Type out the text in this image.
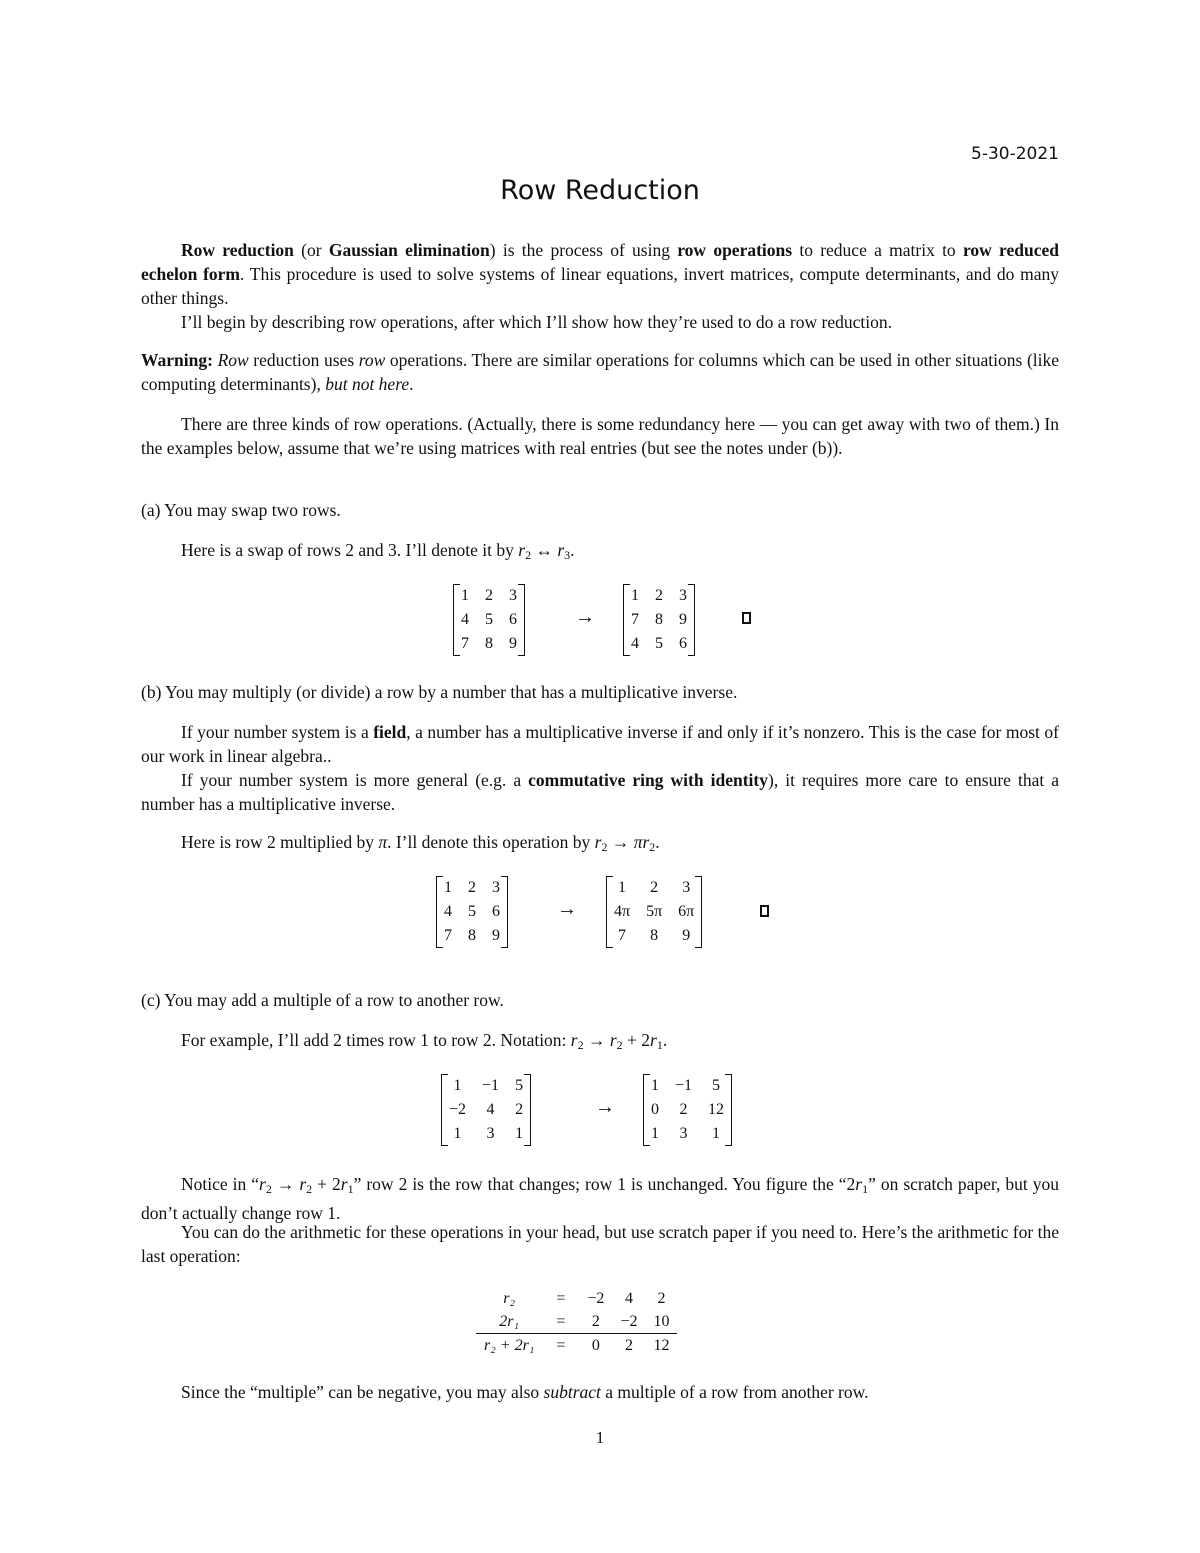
5-30-2021
Row Reduction
Row reduction (or Gaussian elimination) is the process of using row operations to reduce a matrix to row reduced echelon form. This procedure is used to solve systems of linear equations, invert matrices, compute determinants, and do many other things.
I’ll begin by describing row operations, after which I’ll show how they’re used to do a row reduction.
Warning: Row reduction uses row operations. There are similar operations for columns which can be used in other situations (like computing determinants), but not here.
There are three kinds of row operations. (Actually, there is some redundancy here — you can get away with two of them.) In the examples below, assume that we’re using matrices with real entries (but see the notes under (b)).
(a) You may swap two rows.
Here is a swap of rows 2 and 3. I’ll denote it by $r_2$ ↔ $r_3$.
1	2	3
4	5	6
7	8	9
→
1	2	3
7	8	9
4	5	6
(b) You may multiply (or divide) a row by a number that has a multiplicative inverse.
If your number system is a field, a number has a multiplicative inverse if and only if it’s nonzero. This is the case for most of our work in linear algebra..
If your number system is more general (e.g. a commutative ring with identity), it requires more care to ensure that a number has a multiplicative inverse.
Here is row 2 multiplied by π. I’ll denote this operation by $r_2 \to \pi r_2$.
1	2	3
4	5	6
7	8	9
→
1	2	3
4π	5π	6π
7	8	9
(c) You may add a multiple of a row to another row.
For example, I’ll add 2 times row 1 to row 2. Notation: $r_2 \to r_2 + 2r_1$.
1	−1	5
−2	4	2
1	3	1
→
1	−1	5
0	2	12
1	3	1
Notice in “$r_2 \to r_2 + 2r_1$” row 2 is the row that changes; row 1 is unchanged. You figure the “$2r_1$” on scratch paper, but you don’t actually change row 1.
You can do the arithmetic for these operations in your head, but use scratch paper if you need to. Here’s the arithmetic for the last operation:
r₂	=	−2	4	2
2r₁	=	2	−2	10
r₂ + 2r₁	=	0	2	12
Since the “multiple” can be negative, you may also subtract a multiple of a row from another row.
1
